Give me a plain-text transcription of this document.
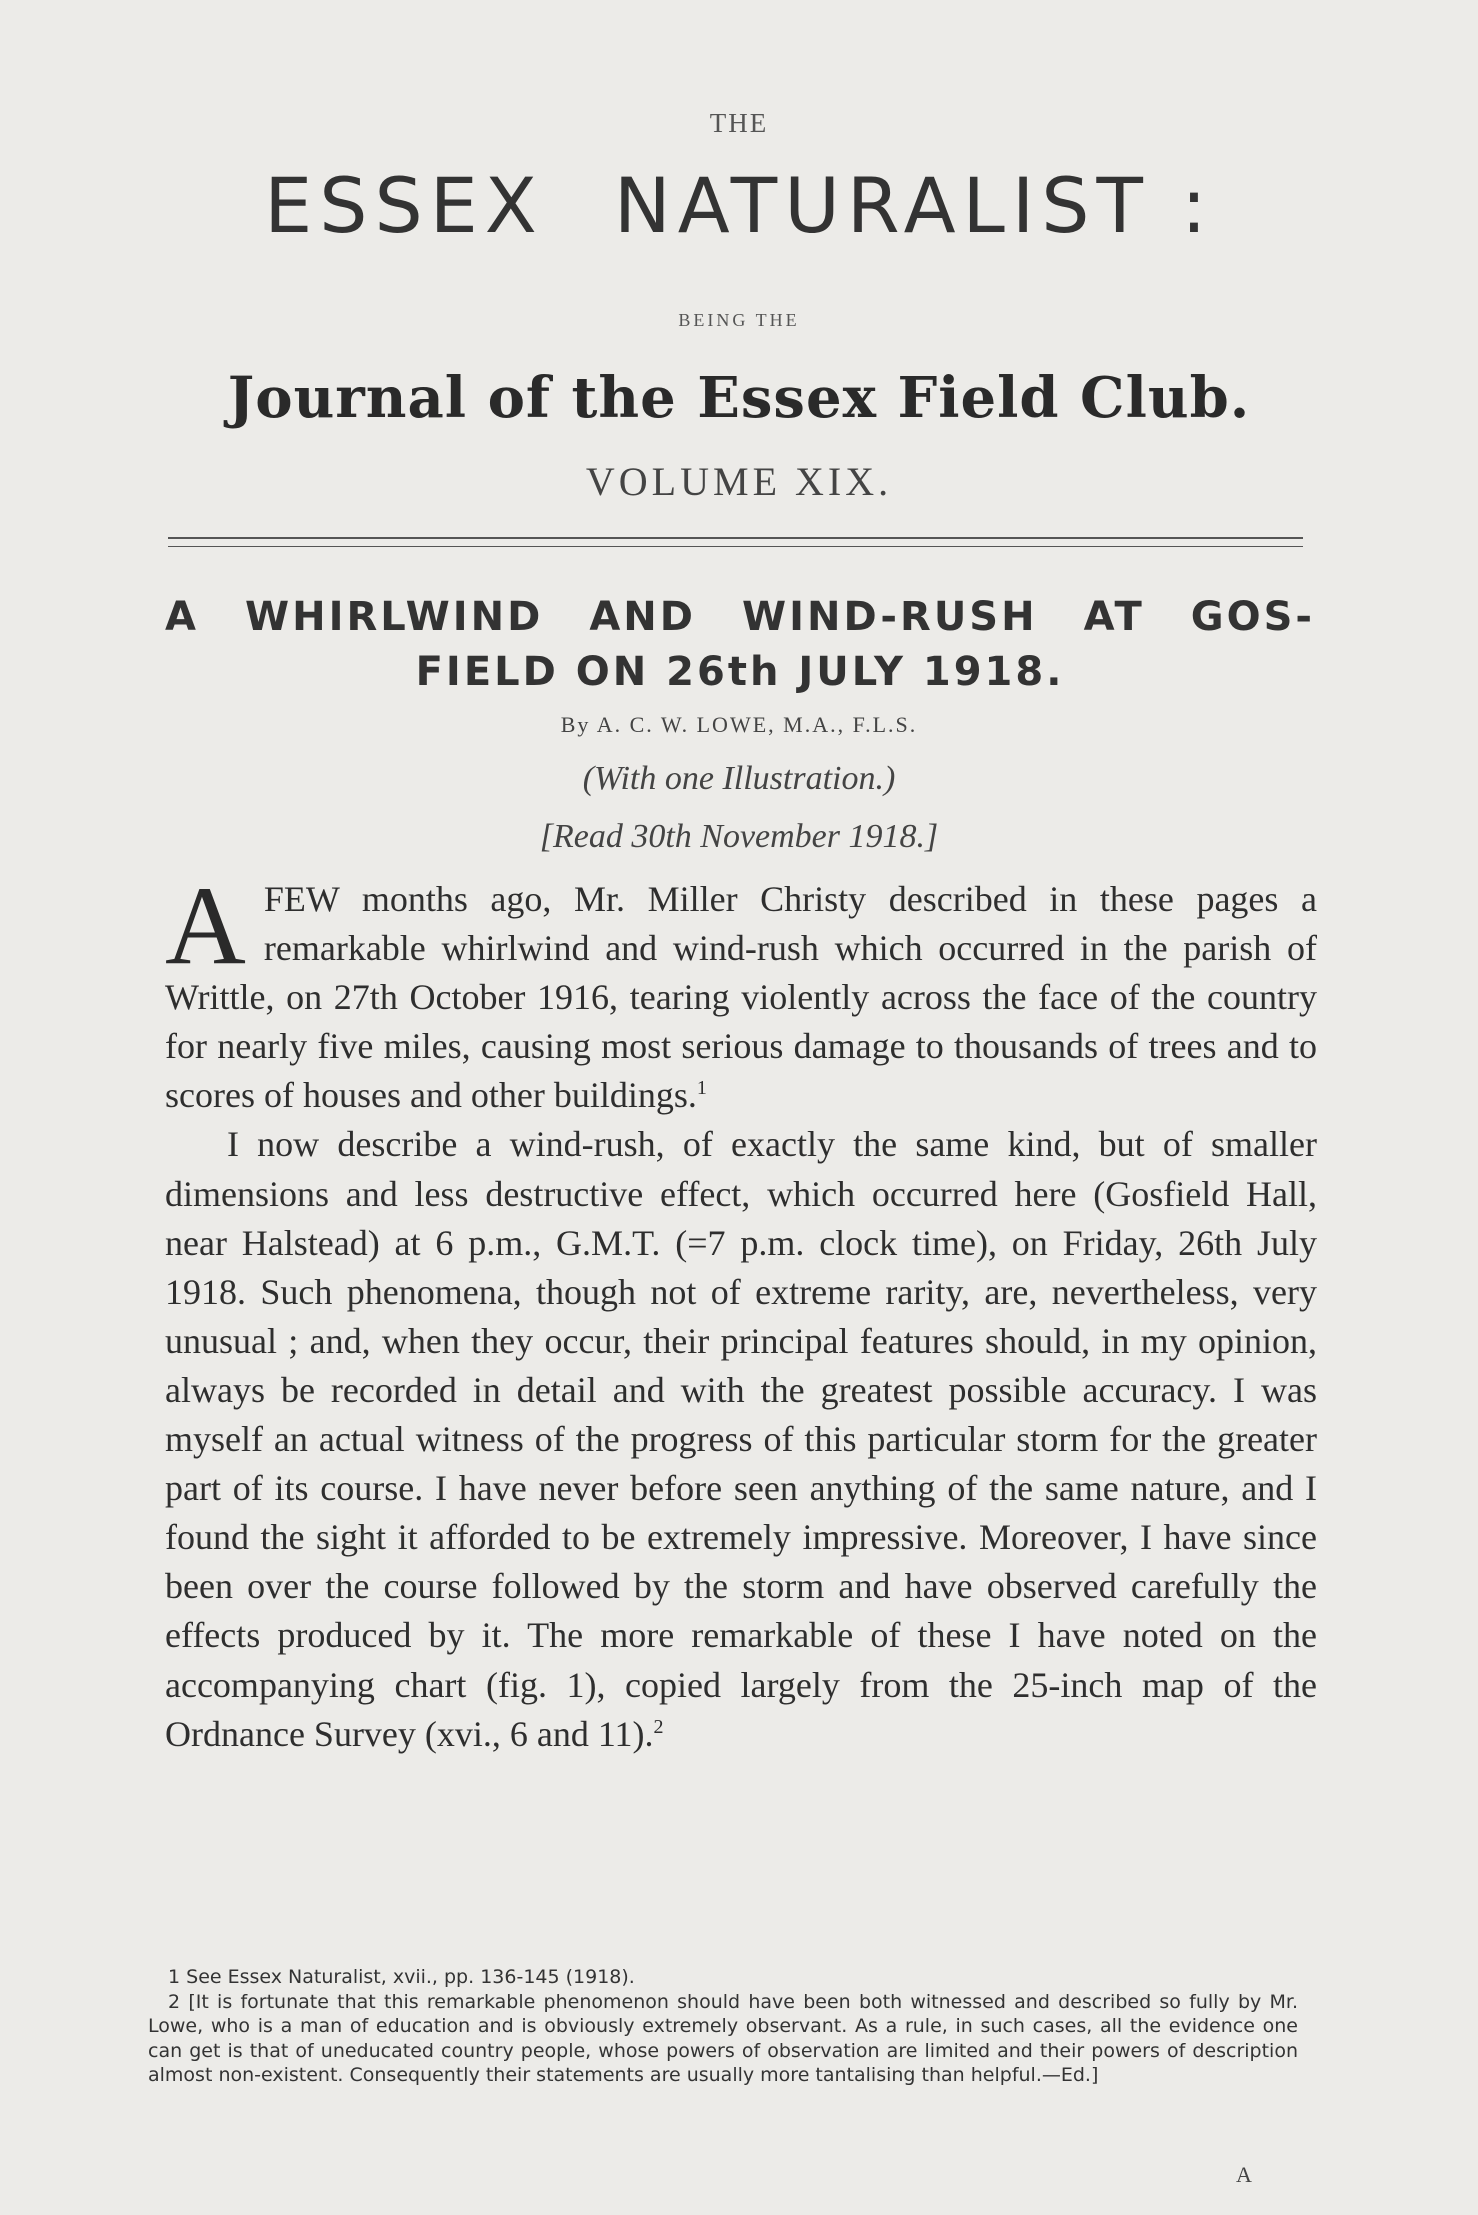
THE
ESSEX NATURALIST :
BEING THE
Journal of the Essex Field Club.
VOLUME XIX.
A WHIRLWIND AND WIND-RUSH AT GOS-
FIELD ON 26th JULY 1918.
By A. C. W. LOWE, M.A., F.L.S.
(With one Illustration.)
[Read 30th November 1918.]

AFEW months ago, Mr. Miller Christy described in these pages a remarkable whirlwind and wind-rush which occurred in the parish of Writtle, on 27th October 1916, tearing violently across the face of the country for nearly five miles, causing most serious damage to thousands of trees and to scores of houses and other buildings.$^1$

I now describe a wind-rush, of exactly the same kind, but of smaller dimensions and less destructive effect, which occurred here (Gosfield Hall, near Halstead) at 6 p.m., G.M.T. (=7 p.m. clock time), on Friday, 26th July 1918. Such phenomena, though not of extreme rarity, are, nevertheless, very unusual ; and, when they occur, their principal features should, in my opinion, always be recorded in detail and with the greatest possible accuracy. I was myself an actual witness of the progress of this particular storm for the greater part of its course. I have never before seen anything of the same nature, and I found the sight it afforded to be extremely impressive. Moreover, I have since been over the course followed by the storm and have observed carefully the effects produced by it. The more remarkable of these I have noted on the accompanying chart (fig. 1), copied largely from the 25-inch map of the Ordnance Survey (xvi., 6 and 11).$^2$

1 See Essex Naturalist, xvii., pp. 136-145 (1918).

2 [It is fortunate that this remarkable phenomenon should have been both witnessed and described so fully by Mr. Lowe, who is a man of education and is obviously extremely observant. As a rule, in such cases, all the evidence one can get is that of uneducated country people, whose powers of observation are limited and their powers of description almost non-existent. Consequently their statements are usually more tantalising than helpful.—Ed.]

A
